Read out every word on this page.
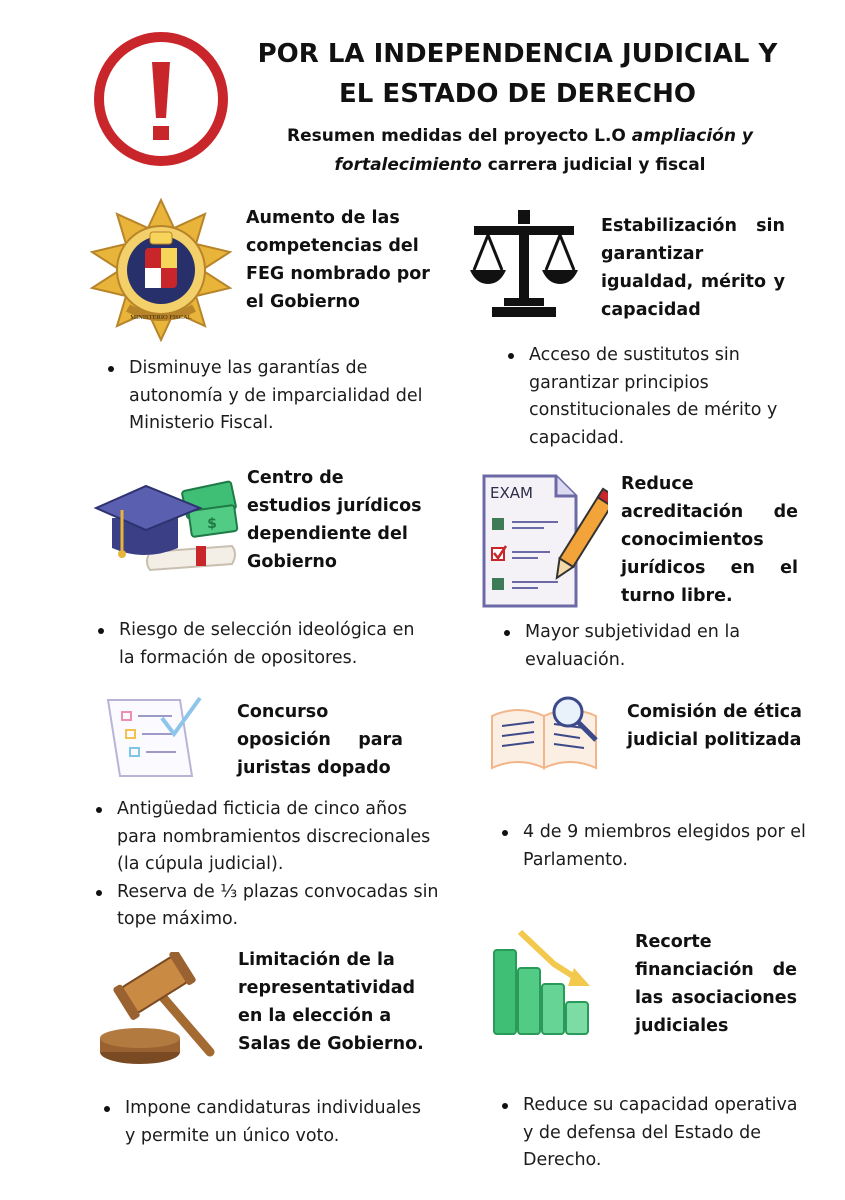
POR LA INDEPENDENCIA JUDICIAL Y
EL ESTADO DE DERECHO
Resumen medidas del proyecto L.O ampliación y fortalecimiento carrera judicial y fiscal
MINISTERIO FISCAL
Aumento de las competencias del FEG nombrado por el Gobierno
Disminuye las garantías de autonomía y de imparcialidad del Ministerio Fiscal.
Estabilización sin garantizar igualdad, mérito y capacidad
Acceso de sustitutos sin garantizar principios constitucionales de mérito y capacidad.
$
Centro de estudios jurídicos dependiente del Gobierno
Riesgo de selección ideológica en la formación de opositores.
EXAM	Reduce acreditación de conocimientos jurídicos en el turno libre.
Mayor subjetividad en la evaluación.
Concurso oposición para juristas dopado
Antigüedad ficticia de cinco años para nombramientos discrecionales (la cúpula judicial).
Reserva de ⅓ plazas convocadas sin tope máximo.
Comisión de ética judicial politizada
4 de 9 miembros elegidos por el Parlamento.
Limitación de la representatividad en la elección a Salas de Gobierno.
Impone candidaturas individuales y permite un único voto.
Recorte financiación de las asociaciones judiciales
Reduce su capacidad operativa y de defensa del Estado de Derecho.
